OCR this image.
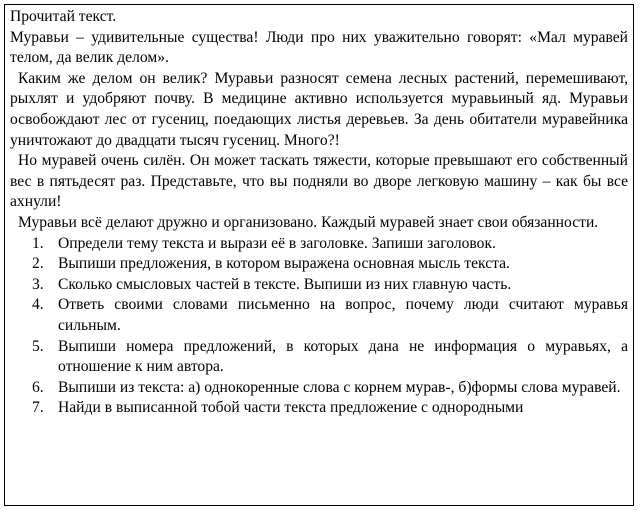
Прочитай текст.

Муравьи – удивительные существа! Люди про них уважительно говорят: «Мал муравей телом, да велик делом».

Каким же делом он велик? Муравьи разносят семена лесных растений, перемешивают, рыхлят и удобряют почву. В медицине активно используется муравьиный яд. Муравьи освобождают лес от гусениц, поедающих листья деревьев. За день обитатели муравейника уничтожают до двадцати тысяч гусениц. Много?!

Но муравей очень силён. Он может таскать тяжести, которые превышают его собственный вес в пятьдесят раз. Представьте, что вы подняли во дворе легковую машину – как бы все ахнули!

Муравьи всё делают дружно и организовано. Каждый муравей знает свои обязанности.

1. Определи тему текста и вырази её в заголовке. Запиши заголовок.
2. Выпиши предложения, в котором выражена основная мысль текста.
3. Сколько смысловых частей в тексте. Выпиши из них главную часть.
4. Ответь своими словами письменно на вопрос, почему люди считают муравья сильным.
5. Выпиши номера предложений, в которых дана не информация о муравьях, а отношение к ним автора.
6. Выпиши из текста: а) однокоренные слова с корнем мурав-, б)формы слова муравей.
7. Найди в выписанной тобой части текста предложение с однородными
